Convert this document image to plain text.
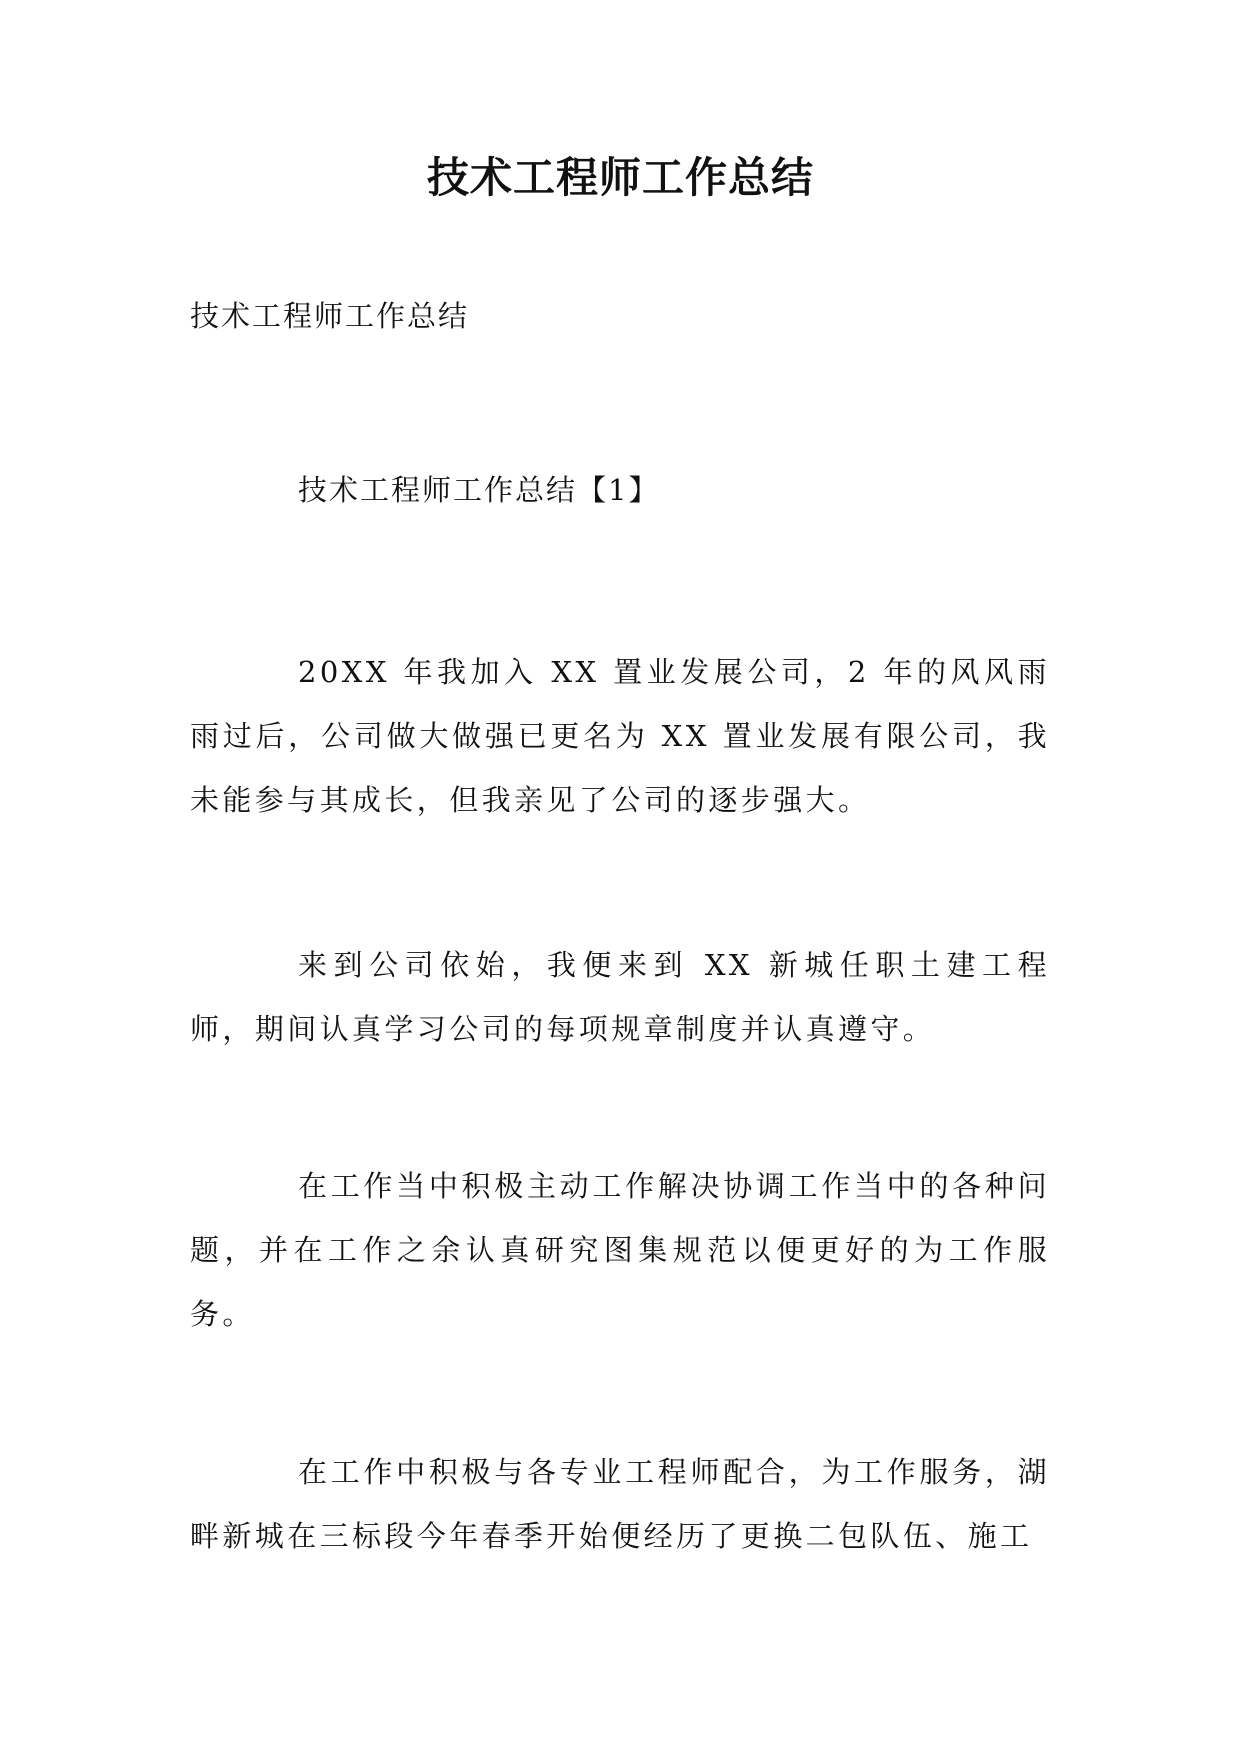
技术工程师工作总结

技术工程师工作总结

技术工程师工作总结【1】

20XX 年我加入 XX 置业发展公司，2 年的风风雨雨过后，公司做大做强已更名为 XX 置业发展有限公司，我未能参与其成长，但我亲见了公司的逐步强大。

来到公司依始，我便来到 XX 新城任职土建工程师，期间认真学习公司的每项规章制度并认真遵守。

在工作当中积极主动工作解决协调工作当中的各种问题，并在工作之余认真研究图集规范以便更好的为工作服务。

在工作中积极与各专业工程师配合，为工作服务，湖畔新城在三标段今年春季开始便经历了更换二包队伍、施工
